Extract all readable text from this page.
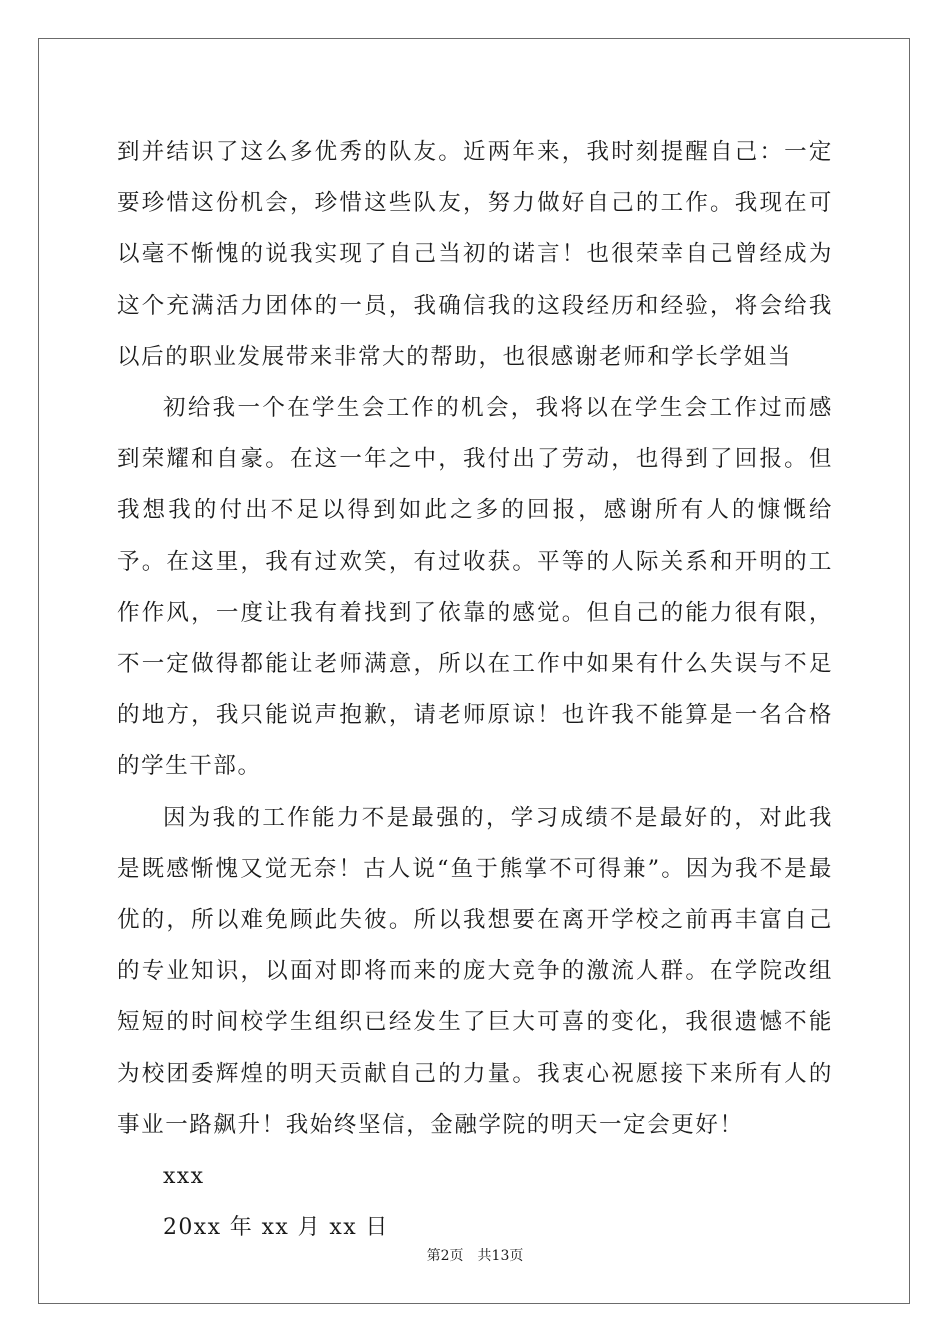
到并结识了这么多优秀的队友。近两年来，我时刻提醒自己：一定要珍惜这份机会，珍惜这些队友，努力做好自己的工作。我现在可以毫不惭愧的说我实现了自己当初的诺言！也很荣幸自己曾经成为这个充满活力团体的一员，我确信我的这段经历和经验，将会给我以后的职业发展带来非常大的帮助，也很感谢老师和学长学姐当

初给我一个在学生会工作的机会，我将以在学生会工作过而感到荣耀和自豪。在这一年之中，我付出了劳动，也得到了回报。但我想我的付出不足以得到如此之多的回报，感谢所有人的慷慨给予。在这里，我有过欢笑，有过收获。平等的人际关系和开明的工作作风，一度让我有着找到了依靠的感觉。但自己的能力很有限，不一定做得都能让老师满意，所以在工作中如果有什么失误与不足的地方，我只能说声抱歉，请老师原谅！也许我不能算是一名合格的学生干部。

因为我的工作能力不是最强的，学习成绩不是最好的，对此我是既感惭愧又觉无奈！古人说“鱼于熊掌不可得兼”。因为我不是最优的，所以难免顾此失彼。所以我想要在离开学校之前再丰富自己的专业知识，以面对即将而来的庞大竞争的激流人群。在学院改组短短的时间校学生组织已经发生了巨大可喜的变化，我很遗憾不能为校团委辉煌的明天贡献自己的力量。我衷心祝愿接下来所有人的事业一路飙升！我始终坚信，金融学院的明天一定会更好！

xxx

20xx 年 xx 月 xx 日

第2页 共13页
